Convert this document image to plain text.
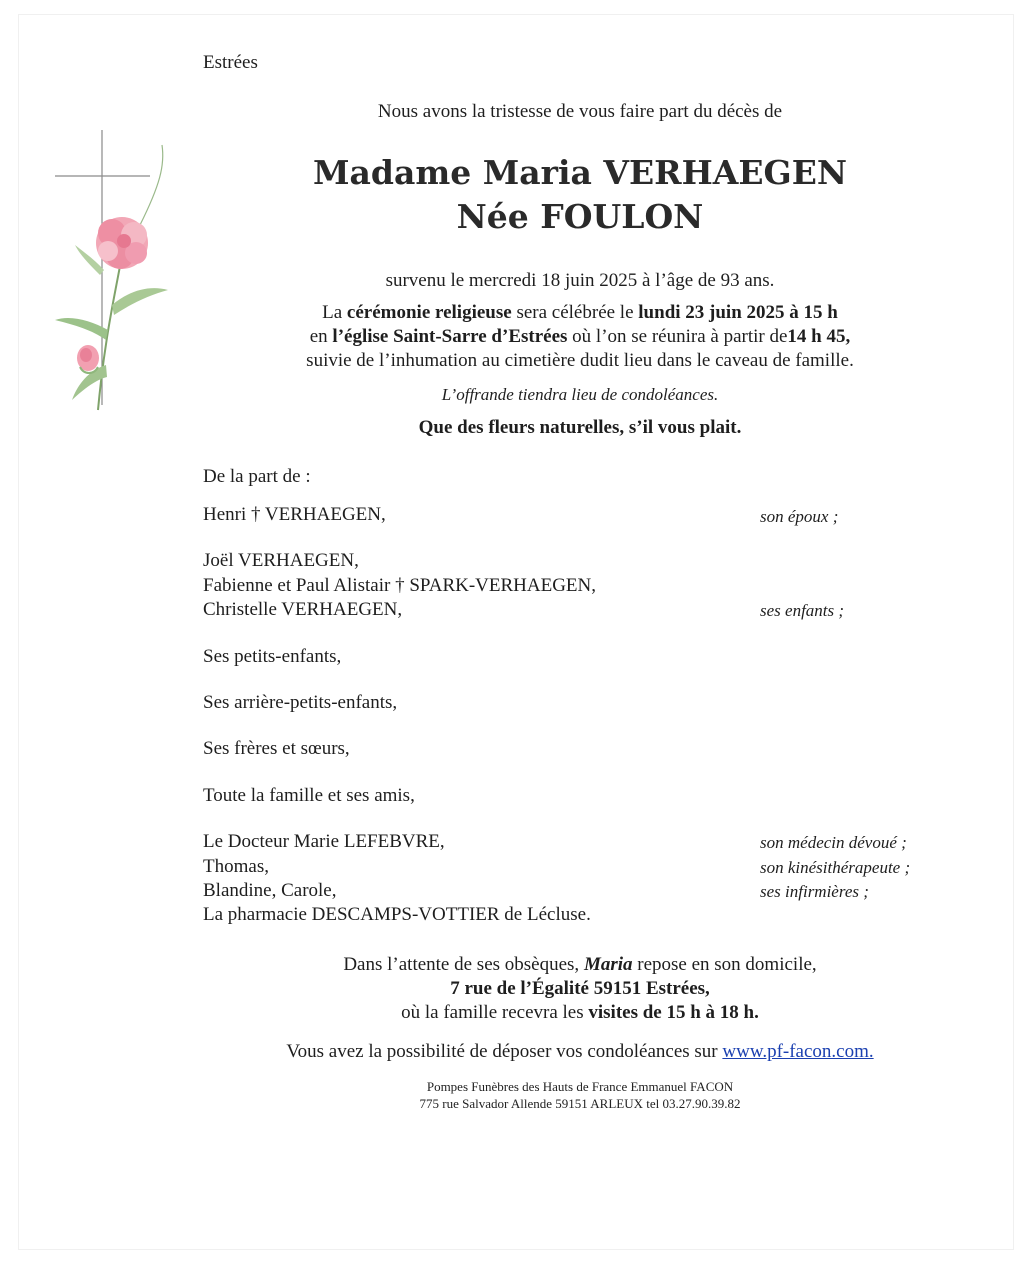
Estrées
Nous avons la tristesse de vous faire part du décès de
Madame Maria VERHAEGEN
Née FOULON
survenu le mercredi 18 juin 2025 à l’âge de 93 ans.
La cérémonie religieuse sera célébrée le lundi 23 juin 2025 à 15 h
en l’église Saint-Sarre d’Estrées où l’on se réunira à partir de14 h 45,
suivie de l’inhumation au cimetière dudit lieu dans le caveau de famille.
L’offrande tiendra lieu de condoléances.
Que des fleurs naturelles, s’il vous plait.
De la part de :
Henri † VERHAEGEN,	son époux ;
Joël VERHAEGEN,
Fabienne et Paul Alistair † SPARK-VERHAEGEN,
Christelle VERHAEGEN,	ses enfants ;
Ses petits-enfants,
Ses arrière-petits-enfants,
Ses frères et sœurs,
Toute la famille et ses amis,
Le Docteur Marie LEFEBVRE,	son médecin dévoué ;
Thomas,	son kinésithérapeute ;
Blandine, Carole,	ses infirmières ;
La pharmacie DESCAMPS-VOTTIER de Lécluse.
Dans l’attente de ses obsèques, Maria repose en son domicile,
7 rue de l’Égalité 59151 Estrées,
où la famille recevra les visites de 15 h à 18 h.
Vous avez la possibilité de déposer vos condoléances sur www.pf-facon.com.
Pompes Funèbres des Hauts de France Emmanuel FACON
775 rue Salvador Allende 59151 ARLEUX tel 03.27.90.39.82
